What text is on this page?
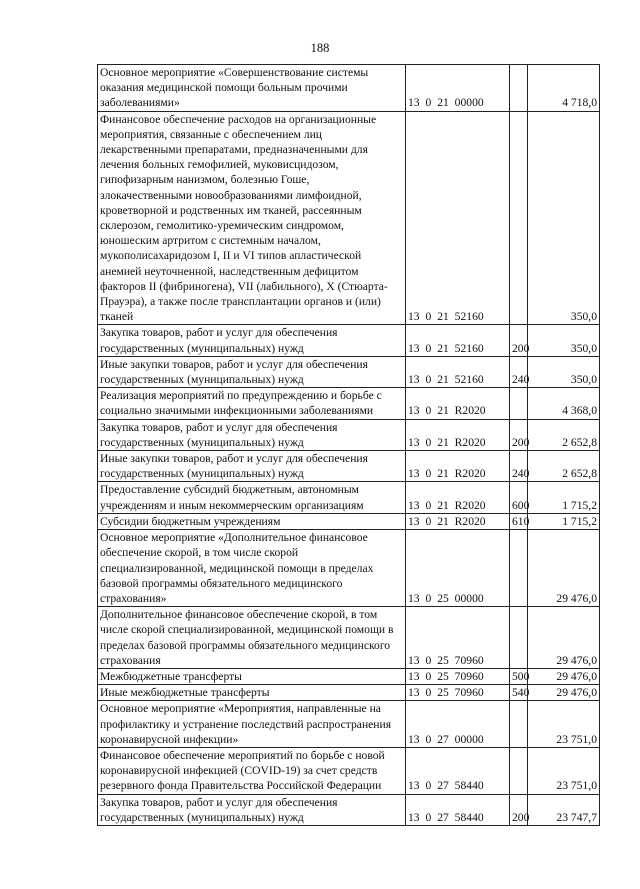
188
Основное мероприятие «Совершенствование системы оказания медицинской помощи больным прочими заболеваниями»	13 0 21 00000		4 718,0
Финансовое обеспечение расходов на организационные мероприятия, связанные с обеспечением лиц лекарственными препаратами, предназначенными для лечения больных гемофилией, муковисцидозом, гипофизарным нанизмом, болезнью Гоше, злокачественными новообразованиями лимфоидной, кроветворной и родственных им тканей, рассеянным склерозом, гемолитико-уремическим синдромом, юношеским артритом с системным началом, мукополисахаридозом I, II и VI типов апластической анемией неуточненной, наследственным дефицитом факторов II (фибриногена), VII (лабильного), X (Стюарта-Прауэра), а также после трансплантации органов и (или) тканей	13 0 21 52160		350,0
Закупка товаров, работ и услуг для обеспечения государственных (муниципальных) нужд	13 0 21 52160	200	350,0
Иные закупки товаров, работ и услуг для обеспечения государственных (муниципальных) нужд	13 0 21 52160	240	350,0
Реализация мероприятий по предупреждению и борьбе с социально значимыми инфекционными заболеваниями	13 0 21 R2020		4 368,0
Закупка товаров, работ и услуг для обеспечения государственных (муниципальных) нужд	13 0 21 R2020	200	2 652,8
Иные закупки товаров, работ и услуг для обеспечения государственных (муниципальных) нужд	13 0 21 R2020	240	2 652,8
Предоставление субсидий бюджетным, автономным учреждениям и иным некоммерческим организациям	13 0 21 R2020	600	1 715,2
Субсидии бюджетным учреждениям	13 0 21 R2020	610	1 715,2
Основное мероприятие «Дополнительное финансовое обеспечение скорой, в том числе скорой специализированной, медицинской помощи в пределах базовой программы обязательного медицинского страхования»	13 0 25 00000		29 476,0
Дополнительное финансовое обеспечение скорой, в том числе скорой специализированной, медицинской помощи в пределах базовой программы обязательного медицинского страхования	13 0 25 70960		29 476,0
Межбюджетные трансферты	13 0 25 70960	500	29 476,0
Иные межбюджетные трансферты	13 0 25 70960	540	29 476,0
Основное мероприятие «Мероприятия, направленные на профилактику и устранение последствий распространения коронавирусной инфекции»	13 0 27 00000		23 751,0
Финансовое обеспечение мероприятий по борьбе с новой коронавирусной инфекцией (COVID-19) за счет средств резервного фонда Правительства Российской Федерации	13 0 27 58440		23 751,0
Закупка товаров, работ и услуг для обеспечения государственных (муниципальных) нужд	13 0 27 58440	200	23 747,7
